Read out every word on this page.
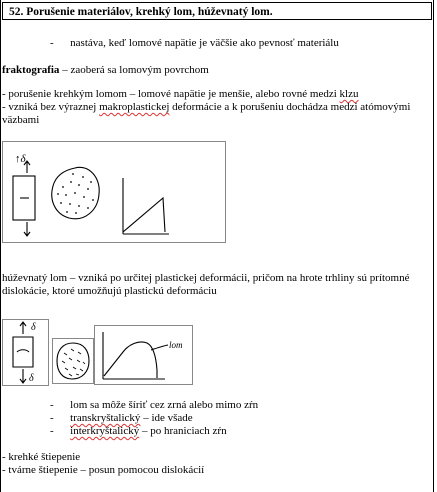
52. Porušenie materiálov, krehký lom, húževnatý lom.
-      nastáva, keď lomové napätie je väčšie ako pevnosť materiálu
fraktografia – zaoberá sa lomovým povrchom
- porušenie krehkým lomom – lomové napätie je menšie, alebo rovné medzi klzu
- vzniká bez výraznej makroplastickej deformácie a k porušeniu dochádza medzi atómovými
väzbami
↑δ
húževnatý lom – vzniká po určitej plastickej deformácii, pričom na hrote trhliny sú prítomné
dislokácie, ktoré umožňujú plastickú deformáciu
δ
δ
lom
-      lom sa môže šíriť cez zrná alebo mimo zŕn
-      transkryštalický – ide všade
-      interkryštalický – po hraniciach zŕn
- krehké štiepenie
- tvárne štiepenie – posun pomocou dislokácií
